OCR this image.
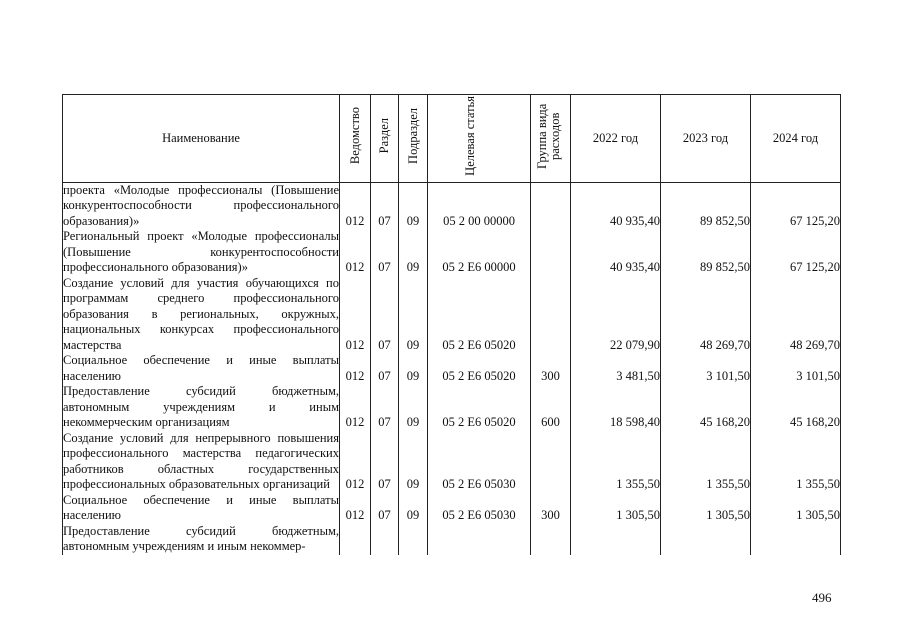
Наименование	Ведомство	Раздел	Подраздел	Целевая статья	Группа вида расходов	2022 год	2023 год	2024 год
проекта «Молодые профессионалы (Повышение конкурентоспособности профессионального образования)»	012	07	09	05 2 00 00000		40 935,40	89 852,50	67 125,20
Региональный проект «Молодые профессионалы (Повышение конкурентоспособности профессионального образования)»	012	07	09	05 2 E6 00000		40 935,40	89 852,50	67 125,20
Создание условий для участия обучающихся по программам среднего профессионального образования в региональных, окружных, национальных конкурсах профессионального мастерства	012	07	09	05 2 E6 05020		22 079,90	48 269,70	48 269,70
Социальное обеспечение и иные выплаты населению	012	07	09	05 2 E6 05020	300	3 481,50	3 101,50	3 101,50
Предоставление субсидий бюджетным, автономным учреждениям и иным некоммерческим организациям	012	07	09	05 2 E6 05020	600	18 598,40	45 168,20	45 168,20
Создание условий для непрерывного повышения профессионального мастерства педагогических работников областных государственных профессиональных образовательных организаций	012	07	09	05 2 E6 05030		1 355,50	1 355,50	1 355,50
Социальное обеспечение и иные выплаты населению	012	07	09	05 2 E6 05030	300	1 305,50	1 305,50	1 305,50
Предоставление субсидий бюджетным, автономным учреждениям и иным некоммер-								
496
